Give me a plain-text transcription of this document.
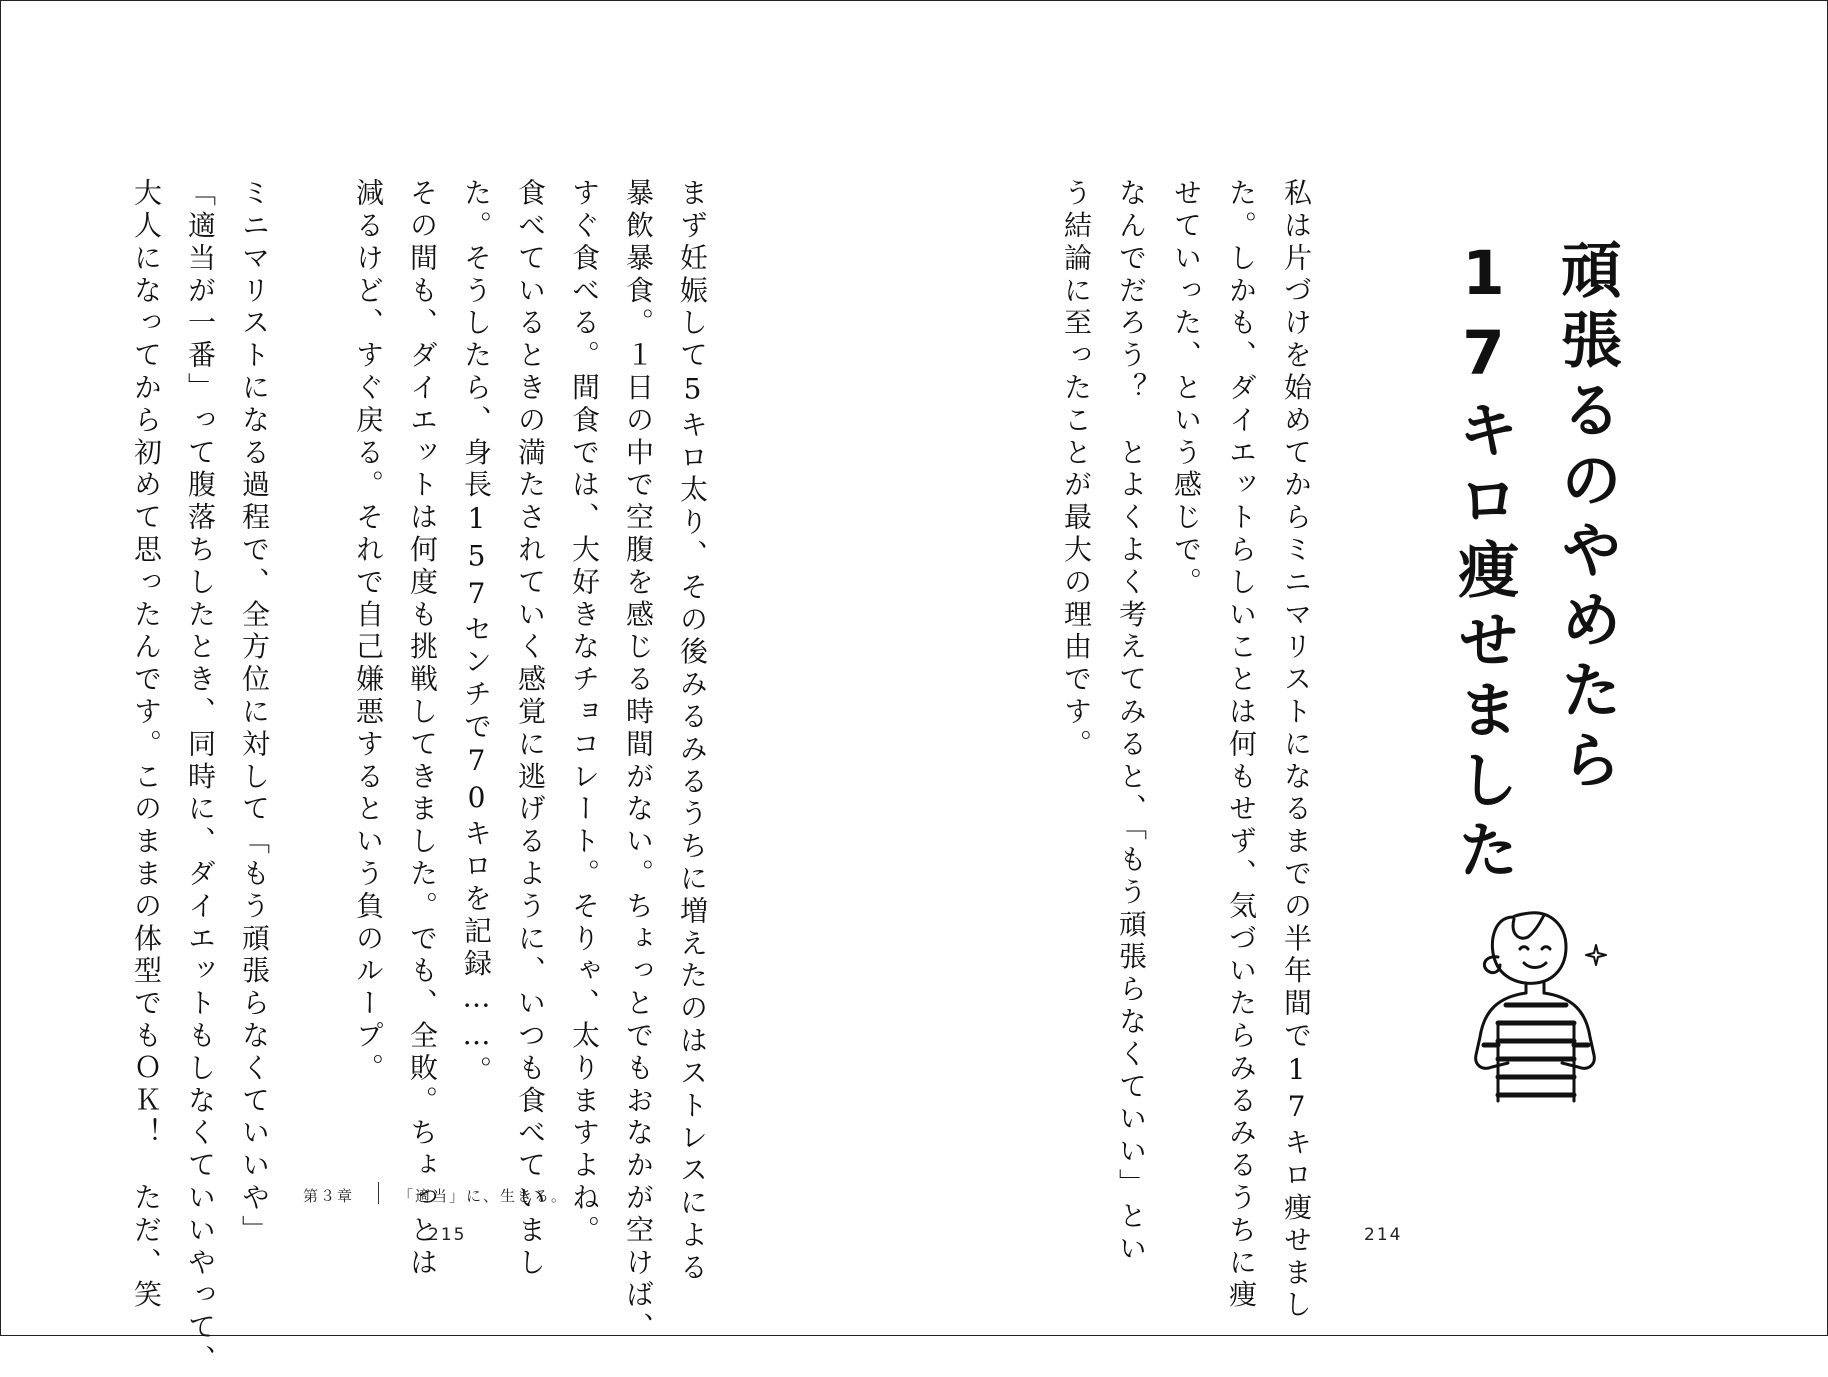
頑張るのやめたら
17キロ痩せました
私は片づけを始めてからミニマリストになるまでの半年間で17キロ痩せまし
た。しかも、ダイエットらしいことは何もせず、気づいたらみるみるうちに痩
せていった、という感じで。
なんでだろう？　とよくよく考えてみると、「もう頑張らなくていい」とい
う結論に至ったことが最大の理由です。
まず妊娠して5キロ太り、その後みるみるうちに増えたのはストレスによる
暴飲暴食。１日の中で空腹を感じる時間がない。ちょっとでもおなかが空けば、
すぐ食べる。間食では、大好きなチョコレート。そりゃ、太りますよね。
食べているときの満たされていく感覚に逃げるように、いつも食べていまし
た。そうしたら、身長157センチで70キロを記録……。
その間も、ダイエットは何度も挑戦してきました。でも、全敗。ちょっとは
減るけど、すぐ戻る。それで自己嫌悪するという負のループ。
ミニマリストになる過程で、全方位に対して「もう頑張らなくていいや」
「適当が一番」って腹落ちしたとき、同時に、ダイエットもしなくていいやって、
大人になってから初めて思ったんです。このままの体型でもＯＫ！　ただ、笑	第３章	「適当」に、生きる。
215	214
